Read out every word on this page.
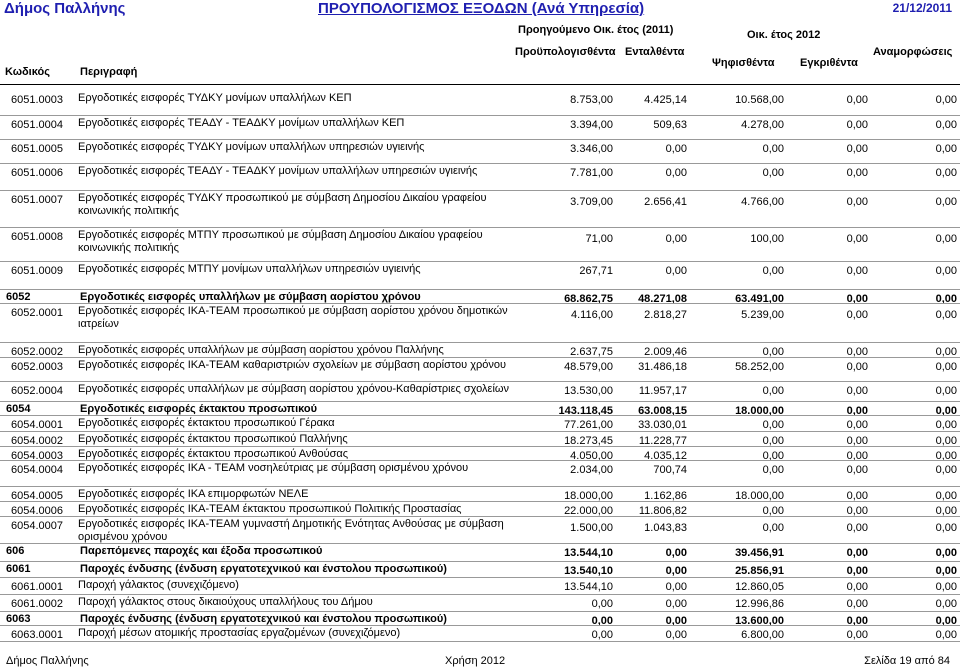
Δήμος Παλλήνης	ΠΡΟΥΠΟΛΟΓΙΣΜΟΣ ΕΞΟΔΩΝ (Ανά Υπηρεσία)	21/12/2011
Προηγούμενο Οικ. έτος (2011)	Οικ. έτος 2012
Κωδικός	Περιγραφή
Προϋπολογισθέντα Ενταλθέντα
Ψηφισθέντα Εγκριθέντα
Αναμορφώσεις
6051.0003	Εργοδοτικές εισφορές ΤΥΔΚΥ μονίμων υπαλλήλων ΚΕΠ	8.753,00	4.425,14	10.568,00	0,00	0,00
6051.0004	Εργοδοτικές εισφορές ΤΕΑΔΥ - ΤΕΑΔΚΥ μονίμων υπαλλήλων ΚΕΠ	3.394,00	509,63	4.278,00	0,00	0,00
6051.0005	Εργοδοτικές εισφορές ΤΥΔΚΥ μονίμων υπαλλήλων υπηρεσιών υγιεινής	3.346,00	0,00	0,00	0,00	0,00
6051.0006	Εργοδοτικές εισφορές ΤΕΑΔΥ - ΤΕΑΔΚΥ μονίμων υπαλλήλων υπηρεσιών υγιεινής	7.781,00	0,00	0,00	0,00	0,00
6051.0007	Εργοδοτικές εισφορές ΤΥΔΚΥ προσωπικού με σύμβαση Δημοσίου Δικαίου γραφείου κοινωνικής πολιτικής
3.709,00	2.656,41	4.766,00	0,00	0,00
6051.0008	Εργοδοτικές εισφορές ΜΤΠΥ προσωπικού με σύμβαση Δημοσίου Δικαίου γραφείου κοινωνικής πολιτικής
71,00	0,00	100,00	0,00	0,00
6051.0009	Εργοδοτικές εισφορές ΜΤΠΥ μονίμων υπαλλήλων υπηρεσιών υγιεινής	267,71	0,00	0,00	0,00	0,00
6052	Εργοδοτικές εισφορές υπαλλήλων με σύμβαση αορίστου χρόνου	68.862,75 48.271,08	63.491,00	0,00	0,00
6052.0001	Εργοδοτικές εισφορές ΙΚΑ-ΤΕΑΜ προσωπικού με σύμβαση αορίστου χρόνου δημοτικών ιατρείων
4.116,00	2.818,27	5.239,00	0,00	0,00
6052.0002	Εργοδοτικές εισφορές υπαλλήλων με σύμβαση αορίστου χρόνου Παλλήνης	2.637,75	2.009,46	0,00	0,00	0,00
6052.0003	Εργοδοτικές εισφορές ΙΚΑ-ΤΕΑΜ καθαριστριών σχολείων με σύμβαση αορίστου χρόνου	48.579,00 31.486,18	58.252,00	0,00	0,00
6052.0004	Εργοδοτικές εισφορές υπαλλήλων με σύμβαση αορίστου χρόνου-Καθαρίστριες σχολείων	13.530,00 11.957,17	0,00	0,00	0,00
6054	Εργοδοτικές εισφορές έκτακτου προσωπικού	143.118,45 63.008,15	18.000,00	0,00	0,00
6054.0001	Εργοδοτικές εισφορές έκτακτου προσωπικού Γέρακα	77.261,00 33.030,01	0,00	0,00	0,00
6054.0002	Εργοδοτικές εισφορές έκτακτου προσωπικού Παλλήνης	18.273,45 11.228,77	0,00	0,00	0,00
6054.0003	Εργοδοτικές εισφορές έκτακτου προσωπικού Ανθούσας	4.050,00	4.035,12	0,00	0,00	0,00
6054.0004	Εργοδοτικές εισφορές ΙΚΑ - ΤΕΑΜ νοσηλεύτριας με σύμβαση ορισμένου χρόνου	2.034,00	700,74	0,00	0,00	0,00
6054.0005	Εργοδοτικές εισφορές ΙΚΑ επιμορφωτών ΝΕΛΕ	18.000,00	1.162,86	18.000,00	0,00	0,00
6054.0006	Εργοδοτικές εισφορές ΙΚΑ-ΤΕΑΜ έκτακτου προσωπικού Πολιτικής Προστασίας	22.000,00 11.806,82	0,00	0,00	0,00
6054.0007	Εργοδοτικές εισφορές ΙΚΑ-ΤΕΑΜ γυμναστή Δημοτικής Ενότητας Ανθούσας με σύμβαση ορισμένου χρόνου
1.500,00	1.043,83	0,00	0,00	0,00
606	Παρεπόμενες παροχές και έξοδα προσωπικού	13.544,10	0,00	39.456,91	0,00	0,00
6061	Παροχές ένδυσης (ένδυση εργατοτεχνικού και ένστολου προσωπικού)	13.540,10	0,00	25.856,91	0,00	0,00
6061.0001	Παροχή γάλακτος (συνεχιζόμενο)	13.544,10	0,00	12.860,05	0,00	0,00
6061.0002	Παροχή γάλακτος στους δικαιούχους υπαλλήλους του Δήμου	0,00	0,00	12.996,86	0,00	0,00
6063	Παροχές ένδυσης (ένδυση εργατοτεχνικού και ένστολου προσωπικού)	0,00	0,00	13.600,00	0,00	0,00
6063.0001	Παροχή μέσων ατομικής προστασίας εργαζομένων (συνεχιζόμενο)	0,00	0,00	6.800,00	0,00	0,00
Δήμος Παλλήνης	Χρήση 2012	Σελίδα 19 από 84
